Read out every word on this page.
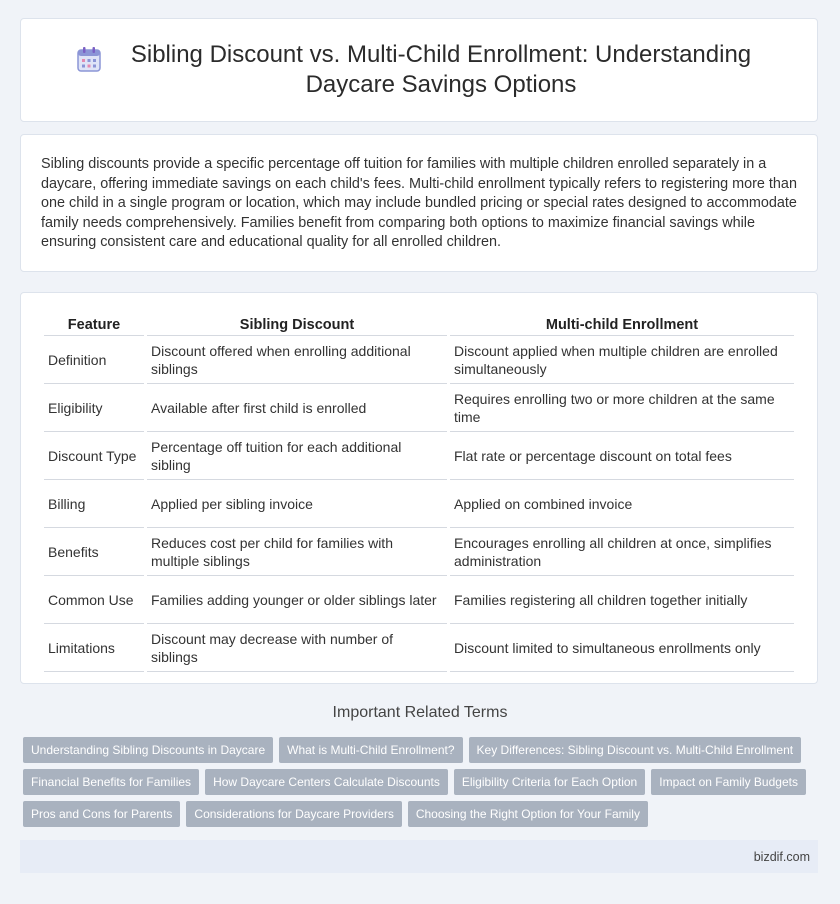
Sibling Discount vs. Multi-Child Enrollment: Understanding Daycare Savings Options

Sibling discounts provide a specific percentage off tuition for families with multiple children enrolled separately in a daycare, offering immediate savings on each child's fees. Multi-child enrollment typically refers to registering more than one child in a single program or location, which may include bundled pricing or special rates designed to accommodate family needs comprehensively. Families benefit from comparing both options to maximize financial savings while ensuring consistent care and educational quality for all enrolled children.

Feature	Sibling Discount	Multi-child Enrollment
Definition	Discount offered when enrolling additional siblings	Discount applied when multiple children are enrolled simultaneously
Eligibility	Available after first child is enrolled	Requires enrolling two or more children at the same time
Discount Type	Percentage off tuition for each additional sibling	Flat rate or percentage discount on total fees
Billing	Applied per sibling invoice	Applied on combined invoice
Benefits	Reduces cost per child for families with multiple siblings	Encourages enrolling all children at once, simplifies administration
Common Use	Families adding younger or older siblings later	Families registering all children together initially
Limitations	Discount may decrease with number of siblings	Discount limited to simultaneous enrollments only
Important Related Terms
Understanding Sibling Discounts in Daycare What is Multi-Child Enrollment? Key Differences: Sibling Discount vs. Multi-Child Enrollment
Financial Benefits for Families How Daycare Centers Calculate Discounts Eligibility Criteria for Each Option Impact on Family Budgets
Pros and Cons for Parents Considerations for Daycare Providers Choosing the Right Option for Your Family
bizdif.com
